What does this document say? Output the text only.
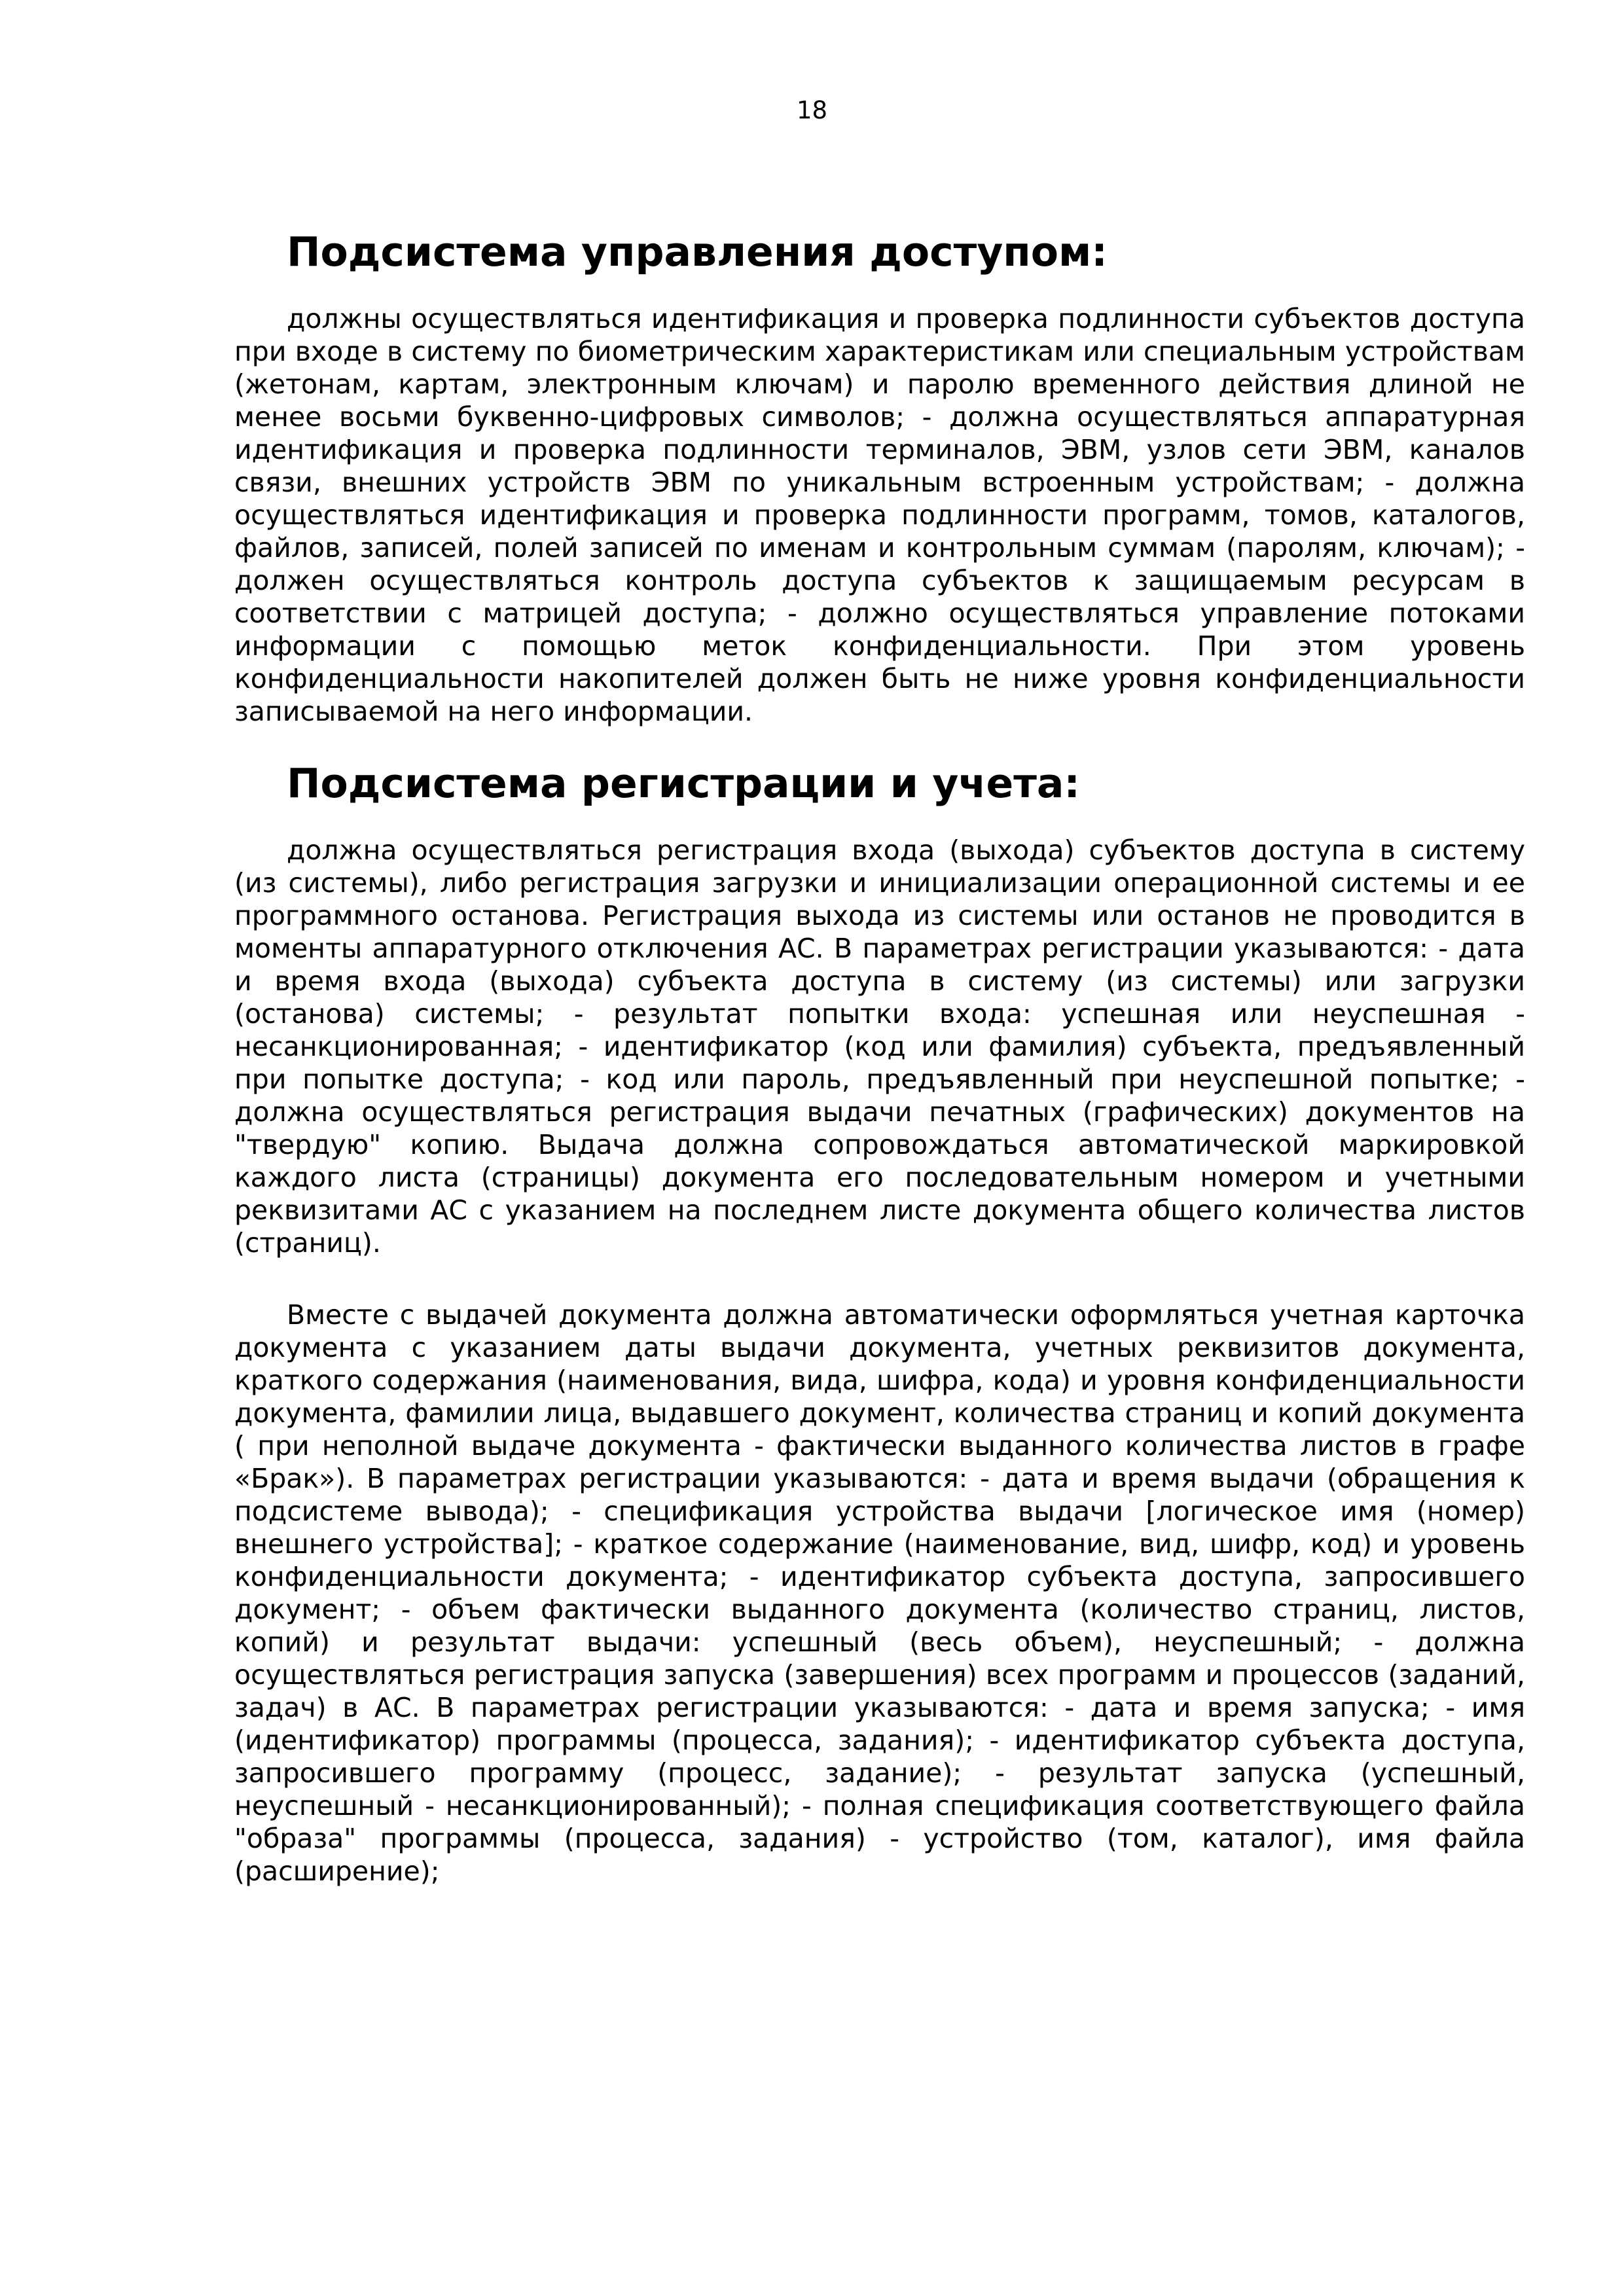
18
Подсистема управления доступом:

должны осуществляться идентификация и проверка подлинности субъектов доступа при входе в систему по биометрическим характеристикам или специальным устройствам (жетонам, картам, электронным ключам) и паролю временного действия длиной не менее восьми буквенно-цифровых символов; - должна осуществляться аппаратурная идентификация и проверка подлинности терминалов, ЭВМ, узлов сети ЭВМ, каналов связи, внешних устройств ЭВМ по уникальным встроенным устройствам; - должна осуществляться идентификация и проверка подлинности программ, томов, каталогов, файлов, записей, полей записей по именам и контрольным суммам (паролям, ключам); - должен осуществляться контроль доступа субъектов к защищаемым ресурсам в соответствии с матрицей доступа; - должно осуществляться управление потоками информации с помощью меток конфиденциальности. При этом уровень конфиденциальности накопителей должен быть не ниже уровня конфиденциальности записываемой на него информации.

Подсистема регистрации и учета:

должна осуществляться регистрация входа (выхода) субъектов доступа в систему (из системы), либо регистрация загрузки и инициализации операционной системы и ее программного останова. Регистрация выхода из системы или останов не проводится в моменты аппаратурного отключения АС. В параметрах регистрации указываются: - дата и время входа (выхода) субъекта доступа в систему (из системы) или загрузки (останова) системы; - результат попытки входа: успешная или неуспешная - несанкционированная; - идентификатор (код или фамилия) субъекта, предъявленный при попытке доступа; - код или пароль, предъявленный при неуспешной попытке; - должна осуществляться регистрация выдачи печатных (графических) документов на "твердую" копию. Выдача должна сопровождаться автоматической маркировкой каждого листа (страницы) документа его последовательным номером и учетными реквизитами АС с указанием на последнем листе документа общего количества листов (страниц).

Вместе с выдачей документа должна автоматически оформляться учетная карточка документа с указанием даты выдачи документа, учетных реквизитов документа, краткого содержания (наименования, вида, шифра, кода) и уровня конфиденциальности документа, фамилии лица, выдавшего документ, количества страниц и копий документа ( при неполной выдаче документа - фактически выданного количества листов в графе «Брак»). В параметрах регистрации указываются: - дата и время выдачи (обращения к подсистеме вывода); - спецификация устройства выдачи [логическое имя (номер) внешнего устройства]; - краткое содержание (наименование, вид, шифр, код) и уровень конфиденциальности документа; - идентификатор субъекта доступа, запросившего документ; - объем фактически выданного документа (количество страниц, листов, копий) и результат выдачи: успешный (весь объем), неуспешный; - должна осуществляться регистрация запуска (завершения) всех программ и процессов (заданий, задач) в АС. В параметрах регистрации указываются: - дата и время запуска; - имя (идентификатор) программы (процесса, задания); - идентификатор субъекта доступа, запросившего программу (процесс, задание); - результат запуска (успешный, неуспешный - несанкционированный); - полная спецификация соответствующего файла "образа" программы (процесса, задания) - устройство (том, каталог), имя файла (расширение);
